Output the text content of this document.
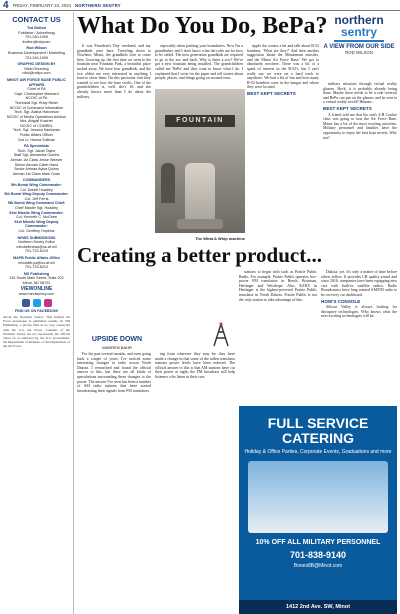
4 FRIDAY, FEBRUARY 23, 2024 NORTHERN SENTRY
CONTACT US
Ted Bolton
Publisher / Advertising
701-240-1009
tbolton@ndpcom
Rod Wilson
Business Development / Marketing
701-240-1009
GRAPHIC DESIGN BY
Nikki Greening
nikki@ndfpc.com
MINOT AIR FORCE BASE PUBLIC AFFAIRS
Chief of PA
Capt. Christopher Mesnard
NCOIC of PA
Technical Sgt. Ruby Reiler
NCOIC of Command Information
Tech. Sgt. Alaina Halvorson
NCOIC of Media Operations Advisor
Mrs. Abigail Kostner
NCOIC of COMREL
Tech. Sgt. Jessica Kambesis
Public Affairs Officer
2nd Lt. Hanna Sullivan
PA Specialists
Tech. Sgt. Jacob Taylor
Staff Sgt. Alexandra Gombs
Airman 1st Class Jesse Weaver
Senior Airman Caleb Hand
Senior Airman Ayisa Quiros
Airman 1st Class Mark Guan
COMMANDERS
5th Bomb Wing Commander:
Col. Daniel Hoadley
5th Bomb Wing Deputy Commander:
Col. Jeff Ferris
5th Bomb Wing Command Chief:
Chief Master Sgt. Hoadley
91st Missile Wing Commander:
Col. Kenneth C. McGhee
91st Missile Wing Deputy Commander:
Col. Geoffrey Hopkins
NEWS SUBMISSIONS
Northern Sentry Editor
minotafbnews@us.af.mil
701-723-6215
MAFB Public Affairs Office
minotafb.pa@us.af.mil
701-723-6212
ND Publishing
315 South Main Street, Suite 202
Minot, ND 58701
VIEWONLINE
www.minotsentry.com
FIND US ON FACEBOOK
About the Northern Sentry: This funded Air Force newspaper is published weekly by ND Publishing, a private firm in no way connected with the U.S. Air Force. Contents of the Northern Sentry are not necessarily the official views of, or endorsed by, the U.S. government, the Department of Defense, or the Department of the Air Force.
What Do You Do, BePa? northern
sentry
A VIEW FROM OUR SIDE
ROD WILSON

It was President's Day weekend, and my grandkids were here. Traveling down to Nowhere, Minot, the grandkids love to come here. Growing up, the first time we went to the fountain near Fountain Park, a beautiful place tucked away. We have four grandkids, and the two oldest are very interested in anything I have to show them. On this particular visit they wanted to see how the base works. One of the grandchildren is, well, she's 16, and she already knows more than I do about the military.

especially when pushing your boundaries. Now I'm a grandfather, and I don't know what the rules are for how to be called. The next generation grandkids are required to go to the zoo and back. Why is there a zoo? We've got a new fountain being installed. The grandchildren called me 'BePa' and they want to know what I do. I explained that I write for the paper and tell stories about people, places, and things going on around town.

ripple the waters a bit and talk about B-52 bombers. 'What are they?' And then another suggestion 'about the Minuteman missiles, and the Minot Air Force Base.' We got to absolutely nowhere. There was a bit of a spark of interest in the B-52's, but I can't really say we were on a hard track to anywhere. We had a bit of fun and how many B-52 bombers were in the hangar and where they were located.

BEST KEPT SECRETS

military missions through virtual reality glasses. Heck, it is probably already being done. Maybe there needs to be a ride reversal and BePa can put on the glasses and be sent to a virtual reality world? Hmmm...

BEST KEPT SECRETS

A friend told me that his son's 4-H Cookie class was going to tour the Air Force Base. Minot has a lot of the most exciting activities. Military personnel and families have the opportunity to enjoy the best kept secrets. Why not?

FOUNTAIN
The What A Whip machine
Creating a better product...
UPSIDE DOWN
WARREN BAHR

For the past several months, and even going back a couple of years, I've noticed some interesting changes to radio across North Dakota. I researched and found the official answer to this, but there are all kinds of speculations surrounding these changes to the power. The answer I've seen has been a number of AM radio stations that have started broadcasting their signals from FM translators.

ing from wherever they may be, they have made a change in that some of the tallest translator stations power levels have been reduced. The official answer to this is that AM stations have cut their power at night; the FM broadcast will help listeners who listen in their cars.

stations to begin with such as Prairie Public Radio. For example, Prairie Public operates low-power FM translators in Beach, Bowman, Hettinger and Westhope. Also, KZRX in Hettinger is the highest-powered Prairie Public translator in North Dakota. Prairie Public is not the only station to take advantage of this.

Dakota, yet. It's only a matter of time before others follow. It provides CB quality sound and since 2016, companies have been equipping new cars with built-in satellite radios. Radio Broadcasters have long wanted AM/FM radio to be on every car dashboard.

HOW'S CONSOLE

Silicon Valley is always looking for disruptive technologies. Who knows what the next exciting technologies will be.

FULL SERVICE CATERING
Holiday & Office Parties, Corporate Events, Graduations and more
10% OFF ALL MILITARY PERSONNEL
701-838-9140
Bones8B@Minot.com
1412 2nd Ave. SW, Minot
